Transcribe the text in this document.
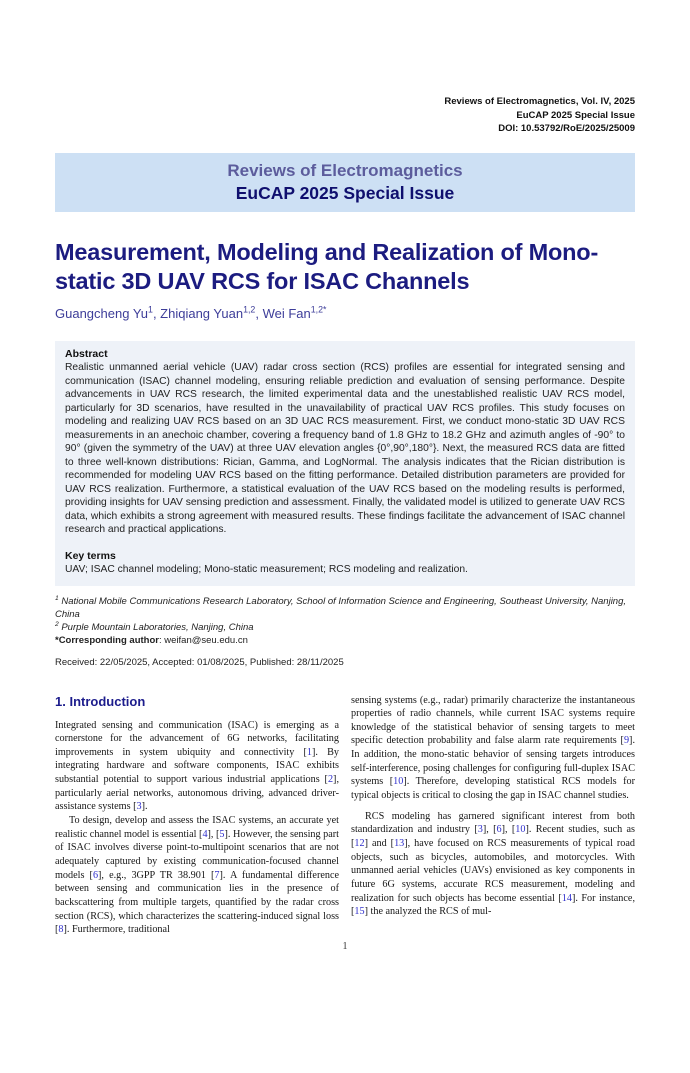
Reviews of Electromagnetics, Vol. IV, 2025
EuCAP 2025 Special Issue
DOI: 10.53792/RoE/2025/25009
Reviews of Electromagnetics
EuCAP 2025 Special Issue
Measurement, Modeling and Realization of Mono-static 3D UAV RCS for ISAC Channels
Guangcheng Yu$^1$, Zhiqiang Yuan$^{1,2}$, Wei Fan$^{1,2*}$
Abstract

Realistic unmanned aerial vehicle (UAV) radar cross section (RCS) profiles are essential for integrated sensing and communication (ISAC) channel modeling, ensuring reliable prediction and evaluation of sensing performance. Despite advancements in UAV RCS research, the limited experimental data and the unestablished realistic UAV RCS model, particularly for 3D scenarios, have resulted in the unavailability of practical UAV RCS profiles. This study focuses on modeling and realizing UAV RCS based on an 3D UAC RCS measurement. First, we conduct mono-static 3D UAV RCS measurements in an anechoic chamber, covering a frequency band of 1.8 GHz to 18.2 GHz and azimuth angles of -90° to 90° (given the symmetry of the UAV) at three UAV elevation angles {0°,90°,180°}. Next, the measured RCS data are fitted to three well-known distributions: Rician, Gamma, and LogNormal. The analysis indicates that the Rician distribution is recommended for modeling UAV RCS based on the fitting performance. Detailed distribution parameters are provided for UAV RCS realization. Furthermore, a statistical evaluation of the UAV RCS based on the modeling results is performed, providing insights for UAV sensing prediction and assessment. Finally, the validated model is utilized to generate UAV RCS data, which exhibits a strong agreement with measured results. These findings facilitate the advancement of ISAC channel research and practical applications.

Key terms

UAV; ISAC channel modeling; Mono-static measurement; RCS modeling and realization.

$^1$ National Mobile Communications Research Laboratory, School of Information Science and Engineering, Southeast University, Nanjing, China

$^2$ Purple Mountain Laboratories, Nanjing, China

*Corresponding author: weifan@seu.edu.cn

Received: 22/05/2025, Accepted: 01/08/2025, Published: 28/11/2025

1. Introduction

Integrated sensing and communication (ISAC) is emerging as a cornerstone for the advancement of 6G networks, facilitating improvements in system ubiquity and connectivity [1]. By integrating hardware and software components, ISAC exhibits substantial potential to support various industrial applications [2], particularly aerial networks, autonomous driving, advanced driver-assistance systems [3].

To design, develop and assess the ISAC systems, an accurate yet realistic channel model is essential [4], [5]. However, the sensing part of ISAC involves diverse point-to-multipoint scenarios that are not adequately captured by existing communication-focused channel models [6], e.g., 3GPP TR 38.901 [7]. A fundamental difference between sensing and communication lies in the presence of backscattering from multiple targets, quantified by the radar cross section (RCS), which characterizes the scattering-induced signal loss [8]. Furthermore, traditional

sensing systems (e.g., radar) primarily characterize the instantaneous properties of radio channels, while current ISAC systems require knowledge of the statistical behavior of sensing targets to meet specific detection probability and false alarm rate requirements [9]. In addition, the mono-static behavior of sensing targets introduces self-interference, posing challenges for configuring full-duplex ISAC systems [10]. Therefore, developing statistical RCS models for typical objects is critical to closing the gap in ISAC channel studies.

RCS modeling has garnered significant interest from both standardization and industry [3], [6], [10]. Recent studies, such as [12] and [13], have focused on RCS measurements of typical road objects, such as bicycles, automobiles, and motorcycles. With unmanned aerial vehicles (UAVs) envisioned as key components in future 6G systems, accurate RCS measurement, modeling and realization for such objects has become essential [14]. For instance, [15] the analyzed the RCS of mul-

1
